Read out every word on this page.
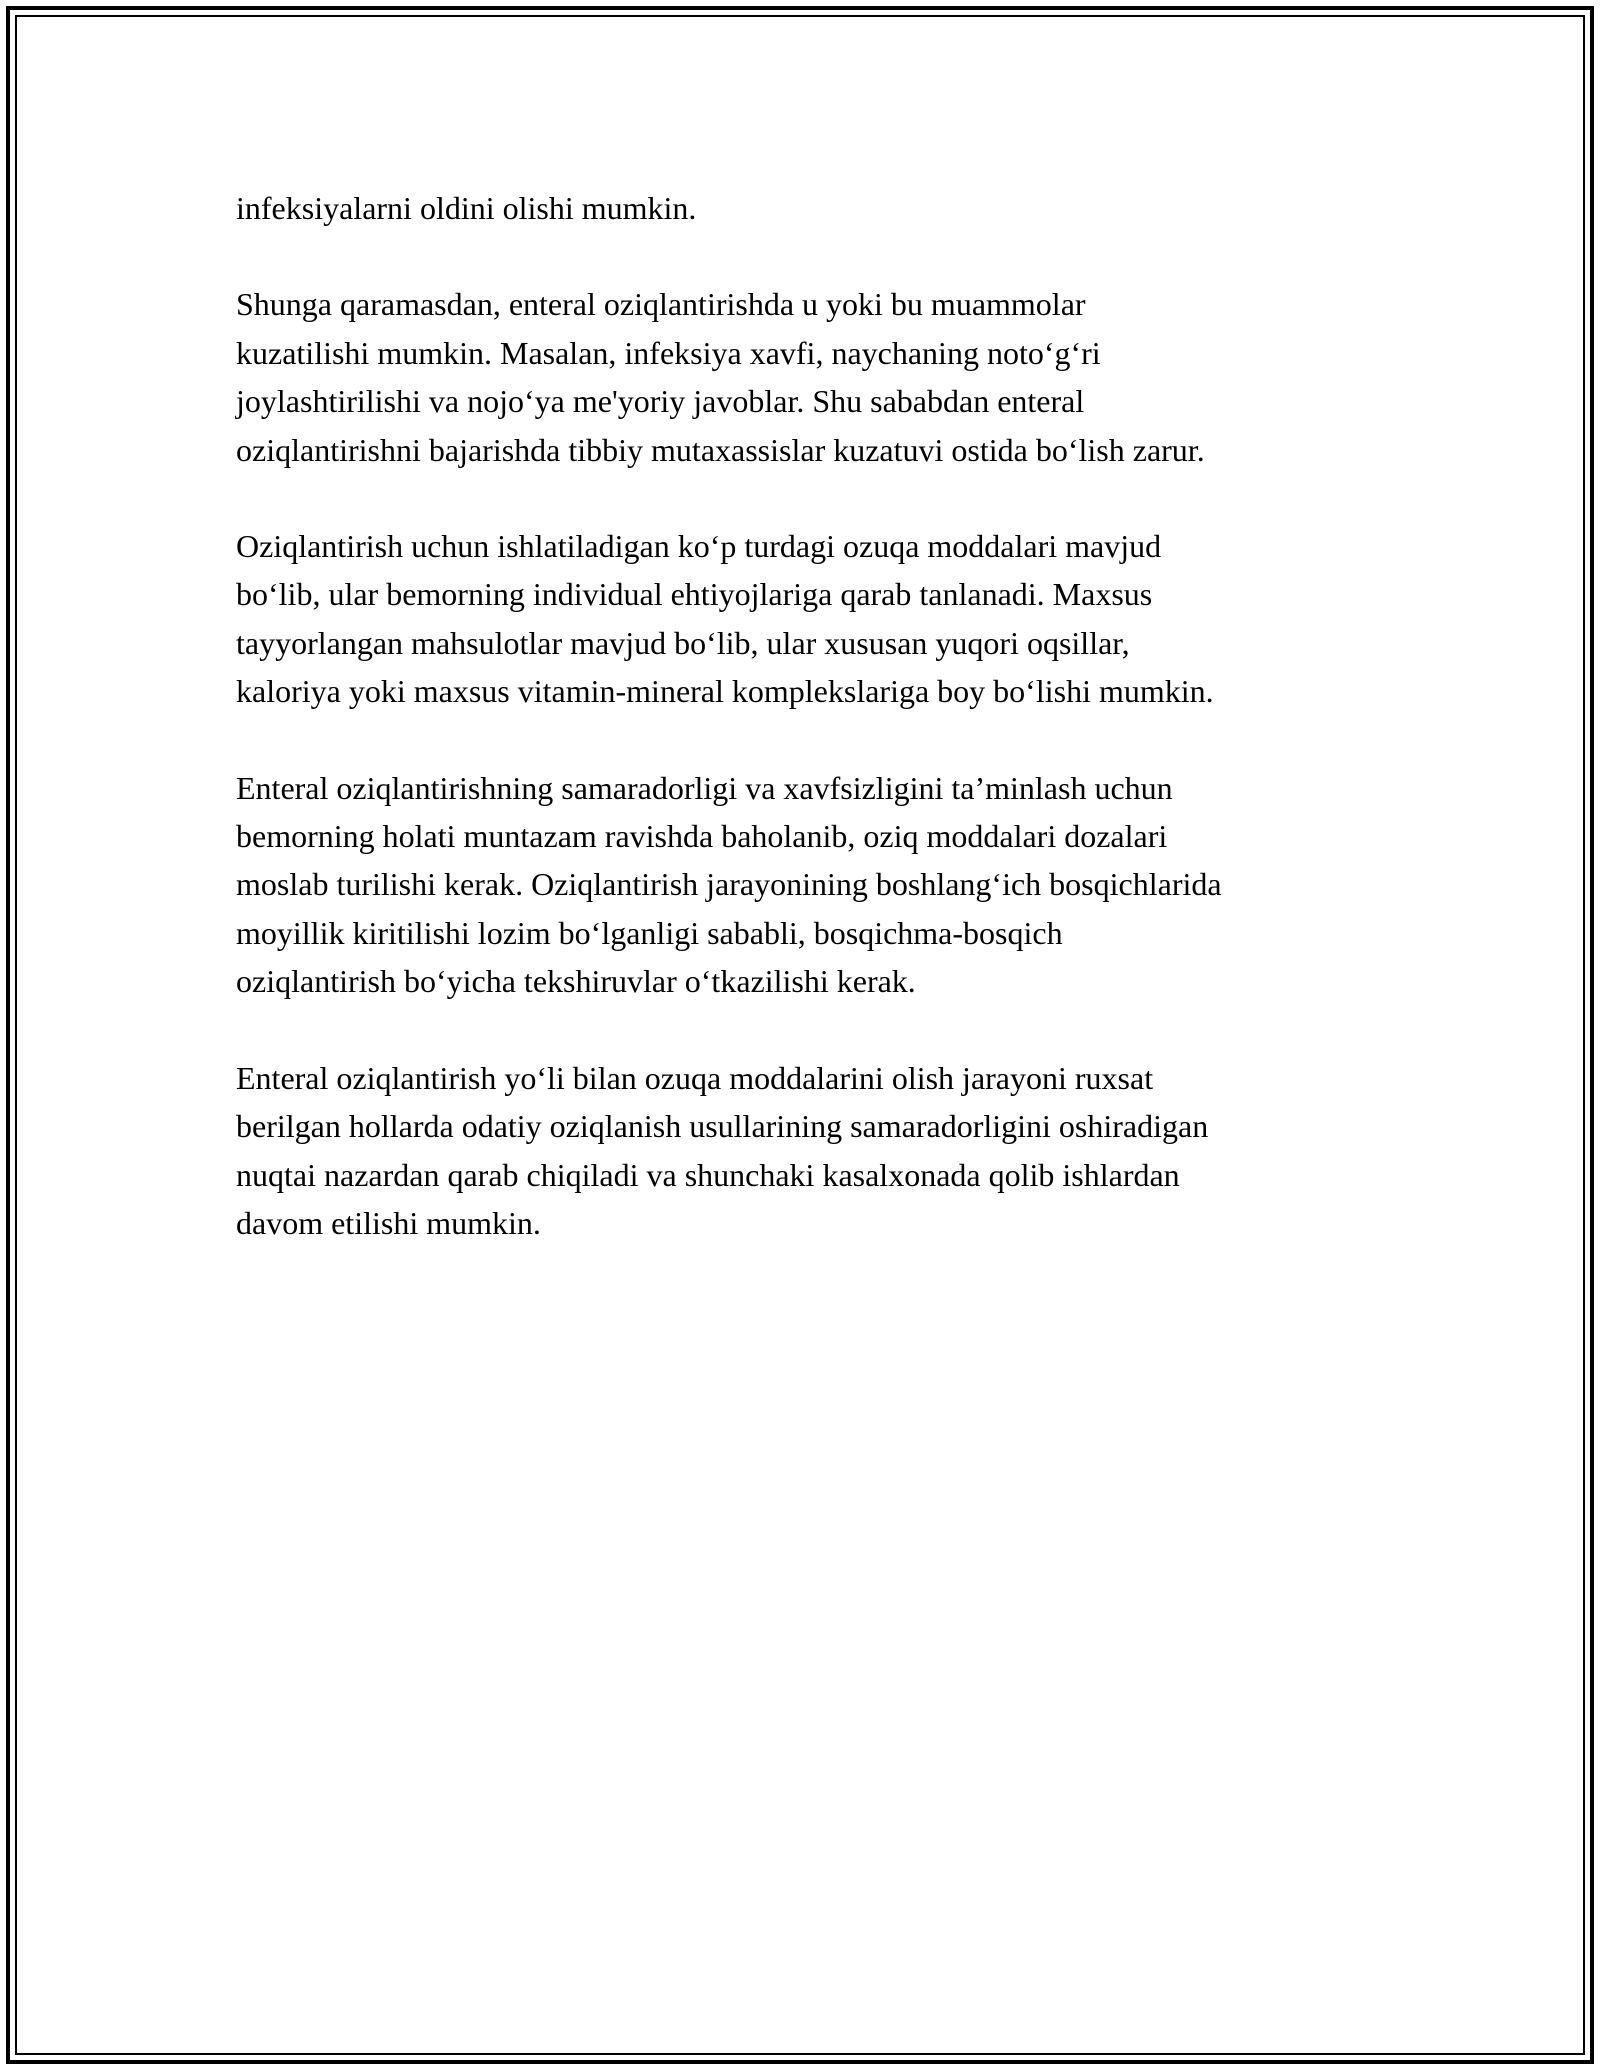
infeksiyalarni oldini olishi mumkin.

Shunga qaramasdan, enteral oziqlantirishda u yoki bu muammolar
kuzatilishi mumkin. Masalan, infeksiya xavfi, naychaning noto‘g‘ri
joylashtirilishi va nojo‘ya me'yoriy javoblar. Shu sababdan enteral
oziqlantirishni bajarishda tibbiy mutaxassislar kuzatuvi ostida bo‘lish zarur.

Oziqlantirish uchun ishlatiladigan ko‘p turdagi ozuqa moddalari mavjud
bo‘lib, ular bemorning individual ehtiyojlariga qarab tanlanadi. Maxsus
tayyorlangan mahsulotlar mavjud bo‘lib, ular xususan yuqori oqsillar,
kaloriya yoki maxsus vitamin-mineral komplekslariga boy bo‘lishi mumkin.

Enteral oziqlantirishning samaradorligi va xavfsizligini ta’minlash uchun
bemorning holati muntazam ravishda baholanib, oziq moddalari dozalari
moslab turilishi kerak. Oziqlantirish jarayonining boshlang‘ich bosqichlarida
moyillik kiritilishi lozim bo‘lganligi sababli, bosqichma-bosqich
oziqlantirish bo‘yicha tekshiruvlar o‘tkazilishi kerak.

Enteral oziqlantirish yo‘li bilan ozuqa moddalarini olish jarayoni ruxsat
berilgan hollarda odatiy oziqlanish usullarining samaradorligini oshiradigan
nuqtai nazardan qarab chiqiladi va shunchaki kasalxonada qolib ishlardan
davom etilishi mumkin.
